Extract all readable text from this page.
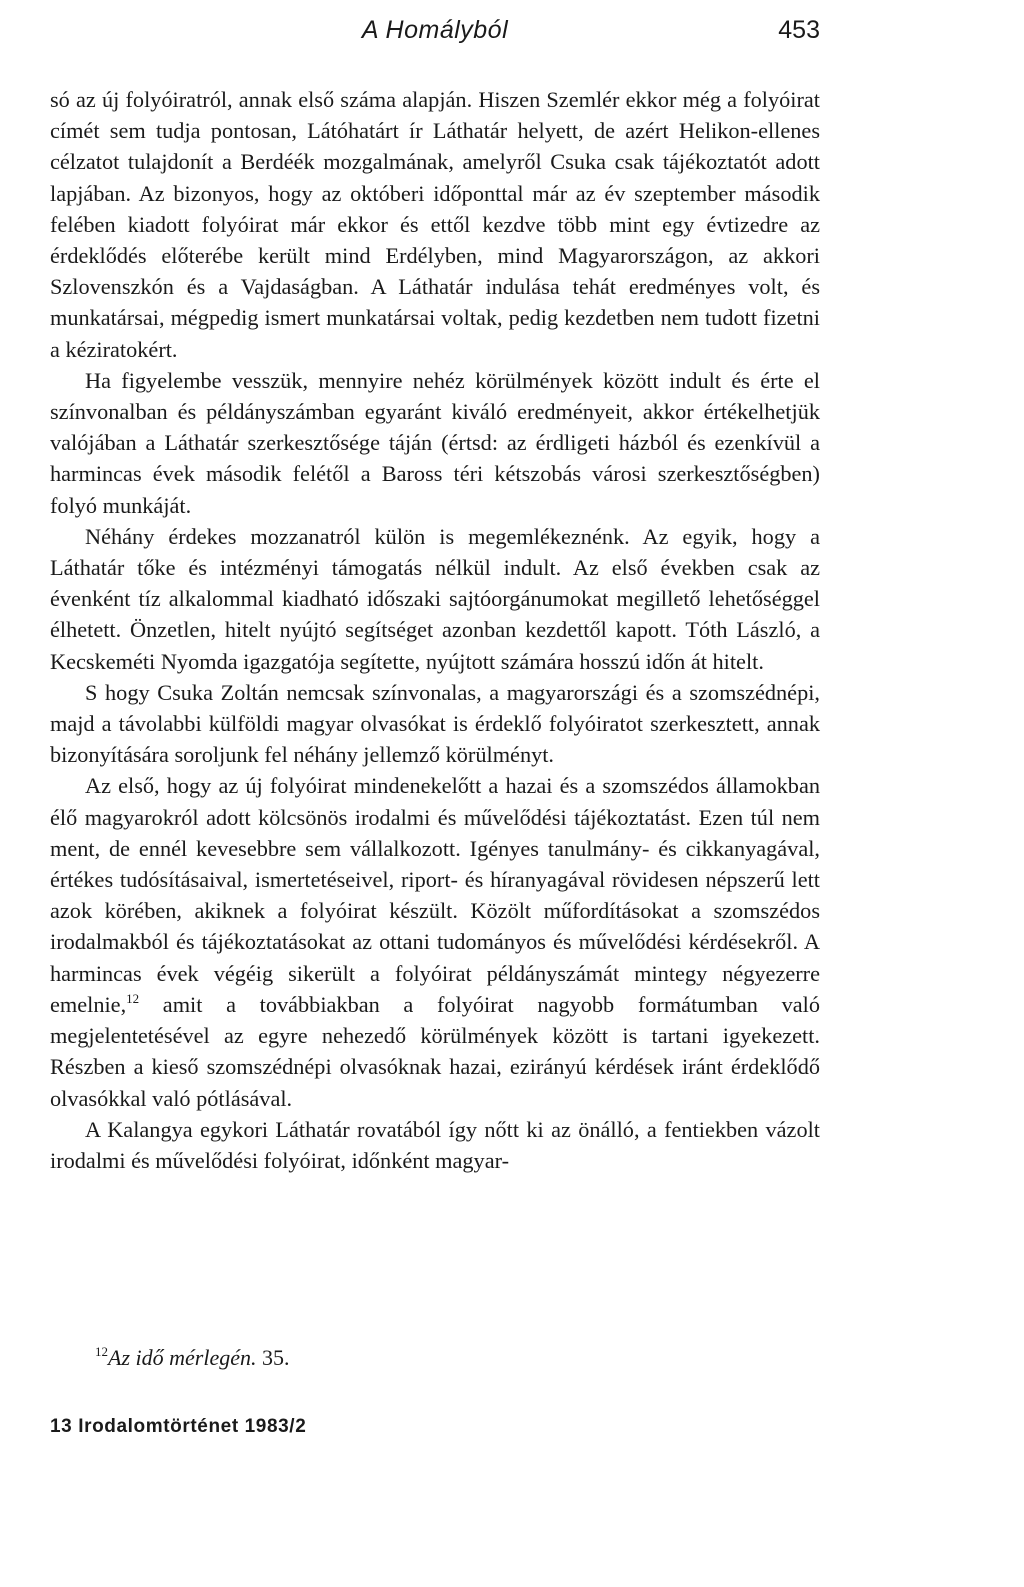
A Homályból	453

só az új folyóiratról, annak első száma alapján. Hiszen Szemlér ekkor még a folyóirat címét sem tudja pontosan, Látóhatárt ír Láthatár helyett, de azért Helikon-ellenes célzatot tulajdonít a Berdéék mozgalmának, amelyről Csuka csak tájékoztatót adott lapjában. Az bizonyos, hogy az októberi időponttal már az év szeptember második felében kiadott folyóirat már ekkor és ettől kezdve több mint egy évtizedre az érdeklődés előterébe került mind Erdélyben, mind Magyarországon, az akkori Szlovenszkón és a Vajdaságban. A Láthatár indulása tehát eredményes volt, és munkatársai, mégpedig ismert munkatársai voltak, pedig kezdetben nem tudott fizetni a kéziratokért.

Ha figyelembe vesszük, mennyire nehéz körülmények között indult és érte el színvonalban és példányszámban egyaránt kiváló eredményeit, akkor értékelhetjük valójában a Láthatár szerkesztősége táján (értsd: az érdligeti házból és ezenkívül a harmincas évek második felétől a Baross téri kétszobás városi szerkesztőségben) folyó munkáját.

Néhány érdekes mozzanatról külön is megemlékeznénk. Az egyik, hogy a Láthatár tőke és intézményi támogatás nélkül indult. Az első években csak az évenként tíz alkalommal kiadható időszaki sajtóorgánumokat megillető lehetőséggel élhetett. Önzetlen, hitelt nyújtó segítséget azonban kezdettől kapott. Tóth László, a Kecskeméti Nyomda igazgatója segítette, nyújtott számára hosszú időn át hitelt.

S hogy Csuka Zoltán nemcsak színvonalas, a magyarországi és a szomszédnépi, majd a távolabbi külföldi magyar olvasókat is érdeklő folyóiratot szerkesztett, annak bizonyítására soroljunk fel néhány jellemző körülményt.

Az első, hogy az új folyóirat mindenekelőtt a hazai és a szomszédos államokban élő magyarokról adott kölcsönös irodalmi és művelődési tájékoztatást. Ezen túl nem ment, de ennél kevesebbre sem vállalkozott. Igényes tanulmány- és cikkanyagával, értékes tudósításaival, ismertetéseivel, riport- és híranyagával rövidesen népszerű lett azok körében, akiknek a folyóirat készült. Közölt műfordításokat a szomszédos irodalmakból és tájékoztatásokat az ottani tudományos és művelődési kérdésekről. A harmincas évek végéig sikerült a folyóirat példányszámát mintegy négyezerre emelnie,$^{12}$ amit a továbbiakban a folyóirat nagyobb formátumban való megjelentetésével az egyre nehezedő körülmények között is tartani igyekezett. Részben a kieső szomszédnépi olvasóknak hazai, ezirányú kérdések iránt érdeklődő olvasókkal való pótlásával.

A Kalangya egykori Láthatár rovatából így nőtt ki az önálló, a fentiekben vázolt irodalmi és művelődési folyóirat, időnként magyar-

$^{12}$Az idő mérlegén. 35.
13 Irodalomtörténet 1983/2
